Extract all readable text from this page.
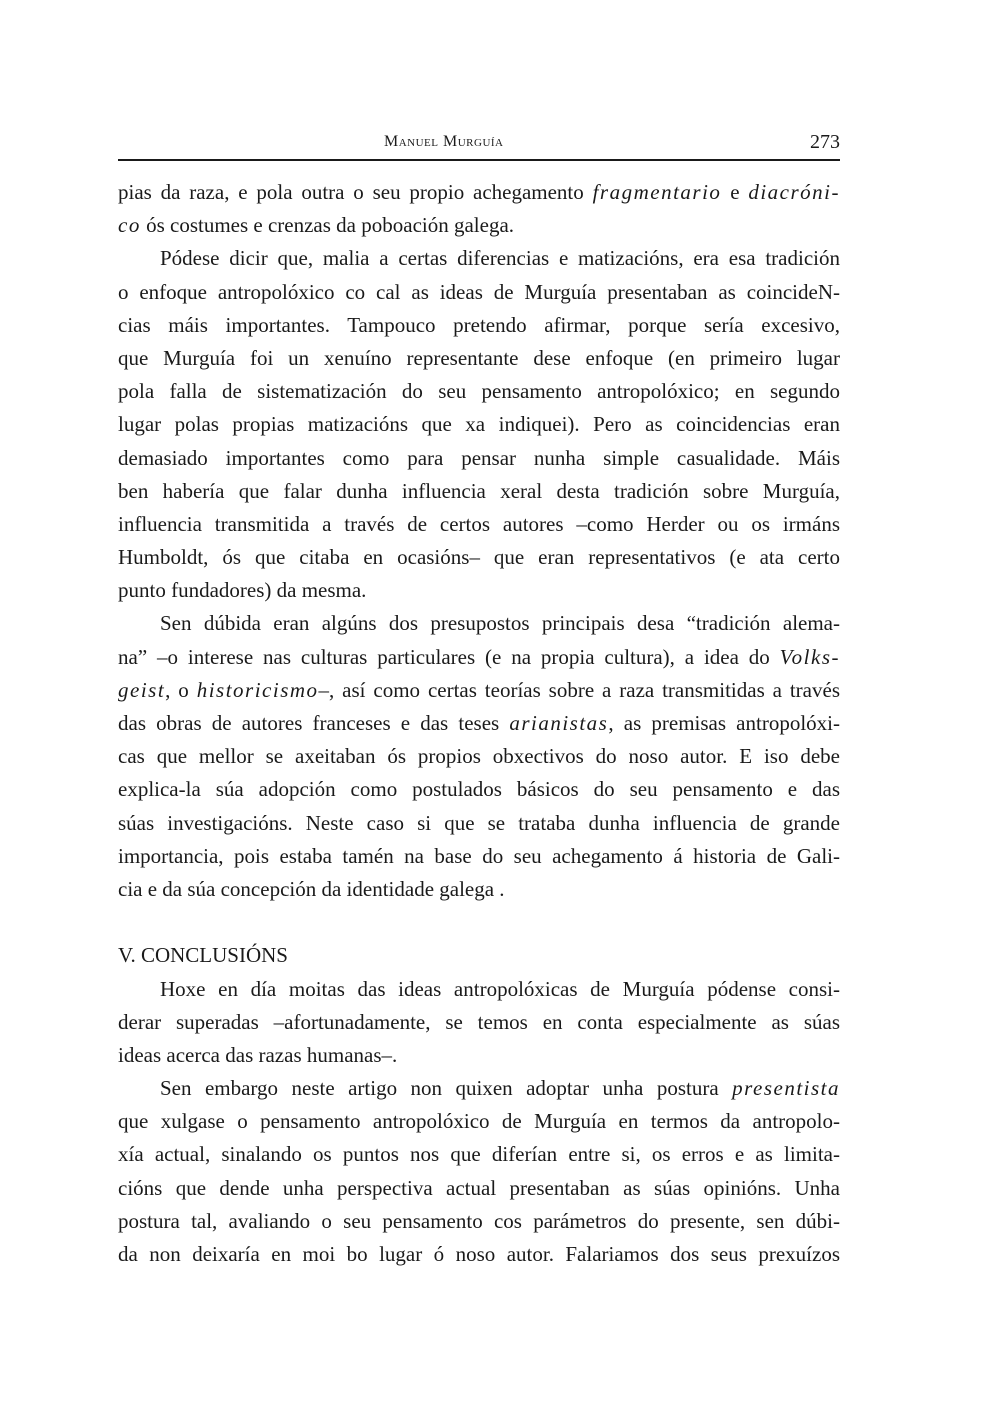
Manuel Murguía	273
pias da raza, e pola outra o seu propio achegamento fragmentario e diacróni-
co ós costumes e crenzas da poboación galega.
Pódese dicir que, malia a certas diferencias e matizacións, era esa tradición
o enfoque antropolóxico co cal as ideas de Murguía presentaban as coincideN-
cias máis importantes. Tampouco pretendo afirmar, porque sería excesivo,
que Murguía foi un xenuíno representante dese enfoque (en primeiro lugar
pola falla de sistematización do seu pensamento antropolóxico; en segundo
lugar polas propias matizacións que xa indiquei). Pero as coincidencias eran
demasiado importantes como para pensar nunha simple casualidade. Máis
ben habería que falar dunha influencia xeral desta tradición sobre Murguía,
influencia transmitida a través de certos autores –como Herder ou os irmáns
Humboldt, ós que citaba en ocasións– que eran representativos (e ata certo
punto fundadores) da mesma.
Sen dúbida eran algúns dos presupostos principais desa “tradición alema-
na” –o interese nas culturas particulares (e na propia cultura), a idea do Volks-
geist, o historicismo–, así como certas teorías sobre a raza transmitidas a través
das obras de autores franceses e das teses arianistas, as premisas antropolóxi-
cas que mellor se axeitaban ós propios obxectivos do noso autor. E iso debe
explica-la súa adopción como postulados básicos do seu pensamento e das
súas investigacións. Neste caso si que se trataba dunha influencia de grande
importancia, pois estaba tamén na base do seu achegamento á historia de Gali-
cia e da súa concepción da identidade galega .
V. CONCLUSIÓNS
Hoxe en día moitas das ideas antropolóxicas de Murguía pódense consi-
derar superadas –afortunadamente, se temos en conta especialmente as súas
ideas acerca das razas humanas–.
Sen embargo neste artigo non quixen adoptar unha postura presentista
que xulgase o pensamento antropolóxico de Murguía en termos da antropolo-
xía actual, sinalando os puntos nos que diferían entre si, os erros e as limita-
cións que dende unha perspectiva actual presentaban as súas opinións. Unha
postura tal, avaliando o seu pensamento cos parámetros do presente, sen dúbi-
da non deixaría en moi bo lugar ó noso autor. Falariamos dos seus prexuízos
